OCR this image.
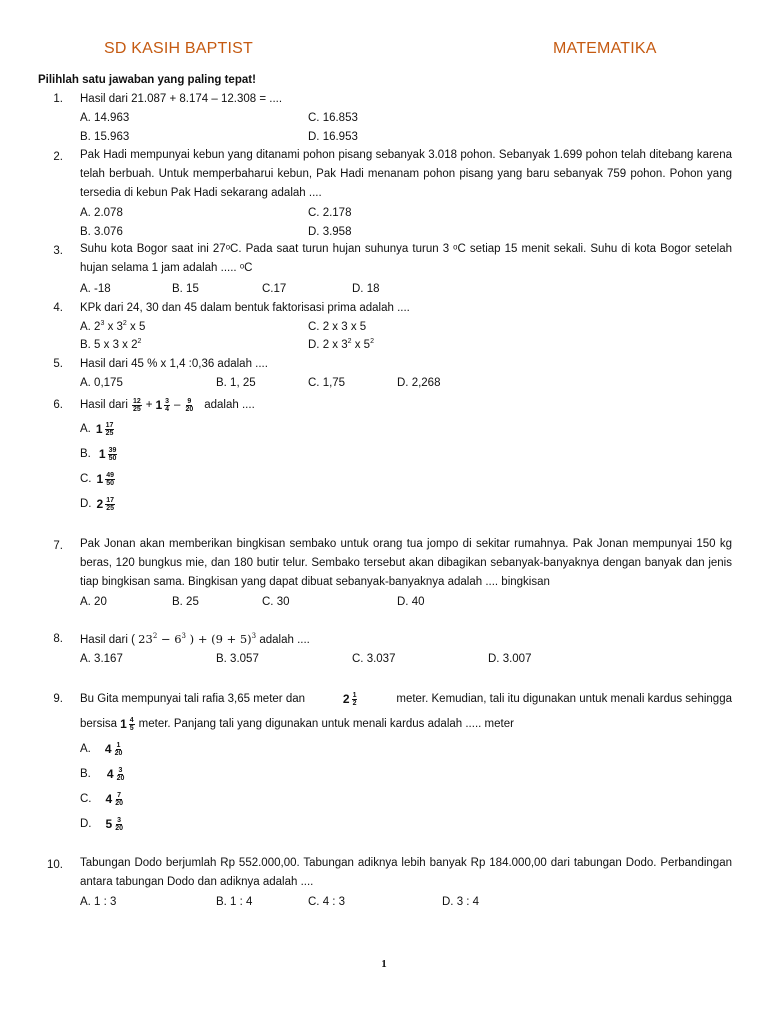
SD KASIH BAPTIST	MATEMATIKA
Pilihlah satu jawaban yang paling tepat!
1. Hasil dari 21.087 + 8.174 – 12.308 = ....
A. 14.963	C. 16.853
B. 15.963	D. 16.953
2. Pak Hadi mempunyai kebun yang ditanami pohon pisang sebanyak 3.018 pohon. Sebanyak 1.699 pohon telah ditebang karena telah berbuah. Untuk memperbaharui kebun, Pak Hadi menanam pohon pisang yang baru sebanyak 759 pohon. Pohon yang tersedia di kebun Pak Hadi sekarang adalah ....
A. 2.078	C. 2.178
B. 3.076	D. 3.958
3. Suhu kota Bogor saat ini 27ᵒC. Pada saat turun hujan suhunya turun 3 ᵒC setiap 15 menit sekali. Suhu di kota Bogor setelah hujan selama 1 jam adalah ..... ᵒC
A. -18	B. 15	C.17	D. 18
4. KPk dari 24, 30 dan 45 dalam bentuk faktorisasi prima adalah ....
A. $2^3$ x $3^2$ x 5	C. 2 x 3 x 5
B. 5 x 3 x $2^2$	D. 2 x $3^2$ x $5^2$
5. Hasil dari 45 % x 1,4 :0,36 adalah ....
A. 0,175	B. 1, 25	C. 1,75	D. 2,268
6. Hasil dari $\frac{12}{25} + 1 \frac{3}{4} - \frac{9}{20}$ adalah ....
A. $1 \frac{17}{25}$
B. $1 \frac{39}{50}$
C. $1 \frac{49}{50}$
D. $2 \frac{17}{25}$
7. Pak Jonan akan memberikan bingkisan sembako untuk orang tua jompo di sekitar rumahnya. Pak Jonan mempunyai 150 kg beras, 120 bungkus mie, dan 180 butir telur. Sembako tersebut akan dibagikan sebanyak-banyaknya dengan banyak dan jenis tiap bingkisan sama. Bingkisan yang dapat dibuat sebanyak-banyaknya adalah .... bingkisan
A. 20	B. 25	C. 30	D. 40
8. Hasil dari ( $23^2 - 6^3$ ) + $(9 + 5)^3$ adalah ....
A. 3.167	B. 3.057	C. 3.037	D. 3.007
9. Bu Gita mempunyai tali rafia 3,65 meter dan	$2 \frac{1}{2}$	meter. Kemudian, tali itu digunakan untuk menali kardus sehingga
bersisa $1 \frac{4}{5}$ meter. Panjang tali yang digunakan untuk menali kardus adalah ..... meter
A. $4 \frac{1}{20}$
B. $4 \frac{3}{20}$
C. $4 \frac{7}{20}$
D. $5 \frac{3}{20}$
10. Tabungan Dodo berjumlah Rp 552.000,00. Tabungan adiknya lebih banyak Rp 184.000,00 dari tabungan Dodo. Perbandingan antara tabungan Dodo dan adiknya adalah ....
A. 1 : 3	B. 1 : 4	C. 4 : 3	D. 3 : 4
1
